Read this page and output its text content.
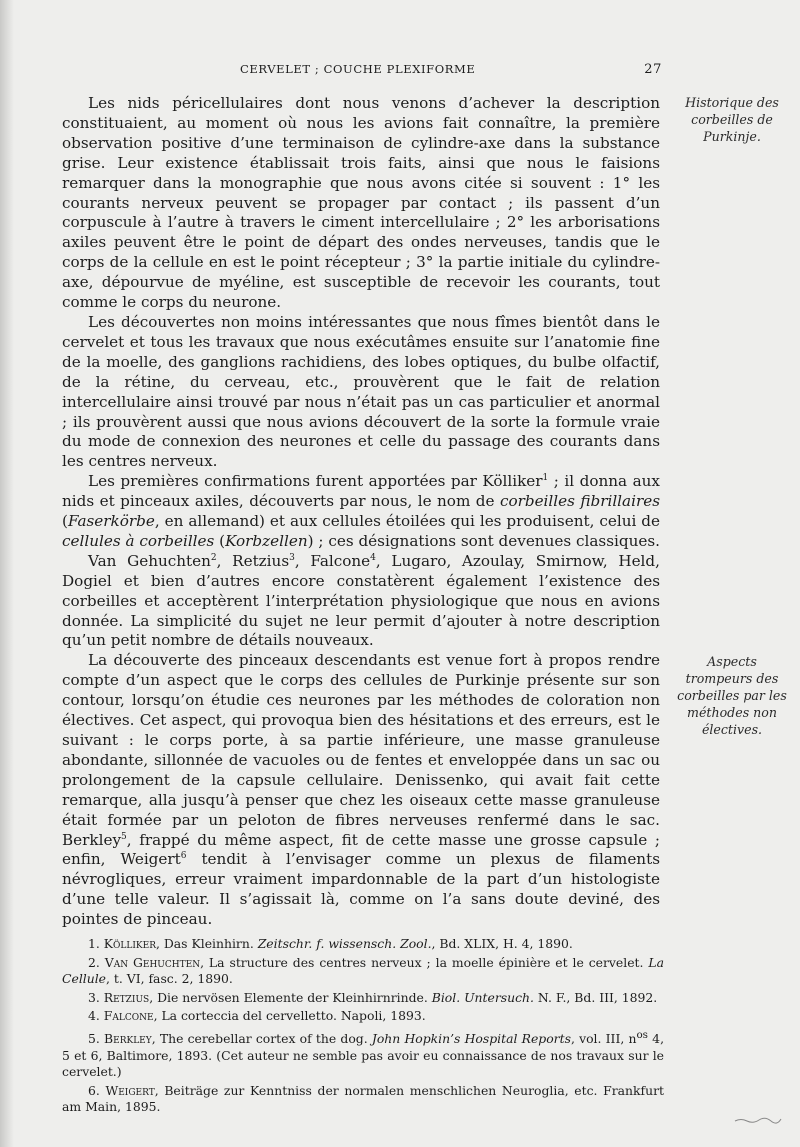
CERVELET ; COUCHE PLEXIFORME	27
Historique des corbeilles de Purkinje.
Aspects trompeurs des corbeilles par les méthodes non électives.

Les nids péricellulaires dont nous venons d’achever la description constituaient, au moment où nous les avions fait connaître, la première observation positive d’une terminaison de cylindre-axe dans la substance grise. Leur existence établissait trois faits, ainsi que nous le faisions remarquer dans la monographie que nous avons citée si souvent : 1° les courants nerveux peuvent se propager par contact ; ils passent d’un corpuscule à l’autre à travers le ciment intercellulaire ; 2° les arborisations axiles peuvent être le point de départ des ondes nerveuses, tandis que le corps de la cellule en est le point récepteur ; 3° la partie initiale du cylindre-axe, dépourvue de myéline, est susceptible de recevoir les courants, tout comme le corps du neurone.

Les découvertes non moins intéressantes que nous fîmes bientôt dans le cervelet et tous les travaux que nous exécutâmes ensuite sur l’anatomie fine de la moelle, des ganglions rachidiens, des lobes optiques, du bulbe olfactif, de la rétine, du cerveau, etc., prouvèrent que le fait de relation intercellulaire ainsi trouvé par nous n’était pas un cas particulier et anormal ; ils prouvèrent aussi que nous avions découvert de la sorte la formule vraie du mode de connexion des neurones et celle du passage des courants dans les centres nerveux.

Les premières confirmations furent apportées par Kölliker$^1$ ; il donna aux nids et pinceaux axiles, découverts par nous, le nom de corbeilles fibrillaires (Faserkörbe, en allemand) et aux cellules étoilées qui les produisent, celui de cellules à corbeilles (Korbzellen) ; ces désignations sont devenues classiques.

Van Gehuchten$^2$, Retzius$^3$, Falcone$^4$, Lugaro, Azoulay, Smirnow, Held, Dogiel et bien d’autres encore constatèrent également l’existence des corbeilles et acceptèrent l’interprétation physiologique que nous en avions donnée. La simplicité du sujet ne leur permit d’ajouter à notre description qu’un petit nombre de détails nouveaux.

La découverte des pinceaux descendants est venue fort à propos rendre compte d’un aspect que le corps des cellules de Purkinje présente sur son contour, lorsqu’on étudie ces neurones par les méthodes de coloration non électives. Cet aspect, qui provoqua bien des hésitations et des erreurs, est le suivant : le corps porte, à sa partie inférieure, une masse granuleuse abondante, sillonnée de vacuoles ou de fentes et enveloppée dans un sac ou prolongement de la capsule cellulaire. Denissenko, qui avait fait cette remarque, alla jusqu’à penser que chez les oiseaux cette masse granuleuse était formée par un peloton de fibres nerveuses renfermé dans le sac. Berkley$^5$, frappé du même aspect, fit de cette masse une grosse capsule ; enfin, Weigert$^6$ tendit à l’envisager comme un plexus de filaments névrogliques, erreur vraiment impardonnable de la part d’un histologiste d’une telle valeur. Il s’agissait là, comme on l’a sans doute deviné, des pointes de pinceau.

1. Kölliker, Das Kleinhirn. Zeitschr. f. wissensch. Zool., Bd. XLIX, H. 4, 1890.

2. Van Gehuchten, La structure des centres nerveux ; la moelle épinière et le cervelet. La Cellule, t. VI, fasc. 2, 1890.

3. Retzius, Die nervösen Elemente der Kleinhirnrinde. Biol. Untersuch. N. F., Bd. III, 1892.

4. Falcone, La corteccia del cervelletto. Napoli, 1893.

5. Berkley, The cerebellar cortex of the dog. John Hopkin’s Hospital Reports, vol. III, $n^{os}$ 4, 5 et 6, Baltimore, 1893. (Cet auteur ne semble pas avoir eu connaissance de nos travaux sur le cervelet.)

6. Weigert, Beiträge zur Kenntniss der normalen menschlichen Neuroglia, etc. Frankfurt am Main, 1895.
